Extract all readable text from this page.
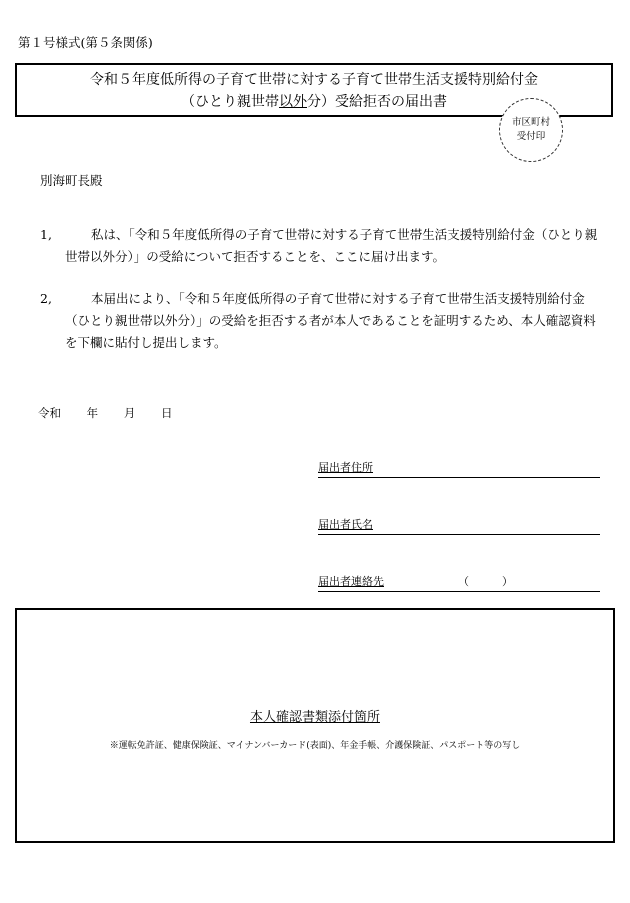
第１号様式(第５条関係)
令和５年度低所得の子育て世帯に対する子育て世帯生活支援特別給付金
（ひとり親世帯以外分）受給拒否の届出書
市区町村
受付印
別海町長殿
1,	私は、「令和５年度低所得の子育て世帯に対する子育て世帯生活支援特別給付金（ひとり親世帯以外分）」の受給について拒否することを、ここに届け出ます。
2,	本届出により、「令和５年度低所得の子育て世帯に対する子育て世帯生活支援特別給付金（ひとり親世帯以外分）」の受給を拒否する者が本人であることを証明するため、本人確認資料を下欄に貼付し提出します。
令和 年 月 日
届出者住所
届出者氏名
届出者連絡先	（　　　）
本人確認書類添付箇所
※運転免許証、健康保険証、マイナンバーカード(表面)、年金手帳、介護保険証、パスポート等の写し
